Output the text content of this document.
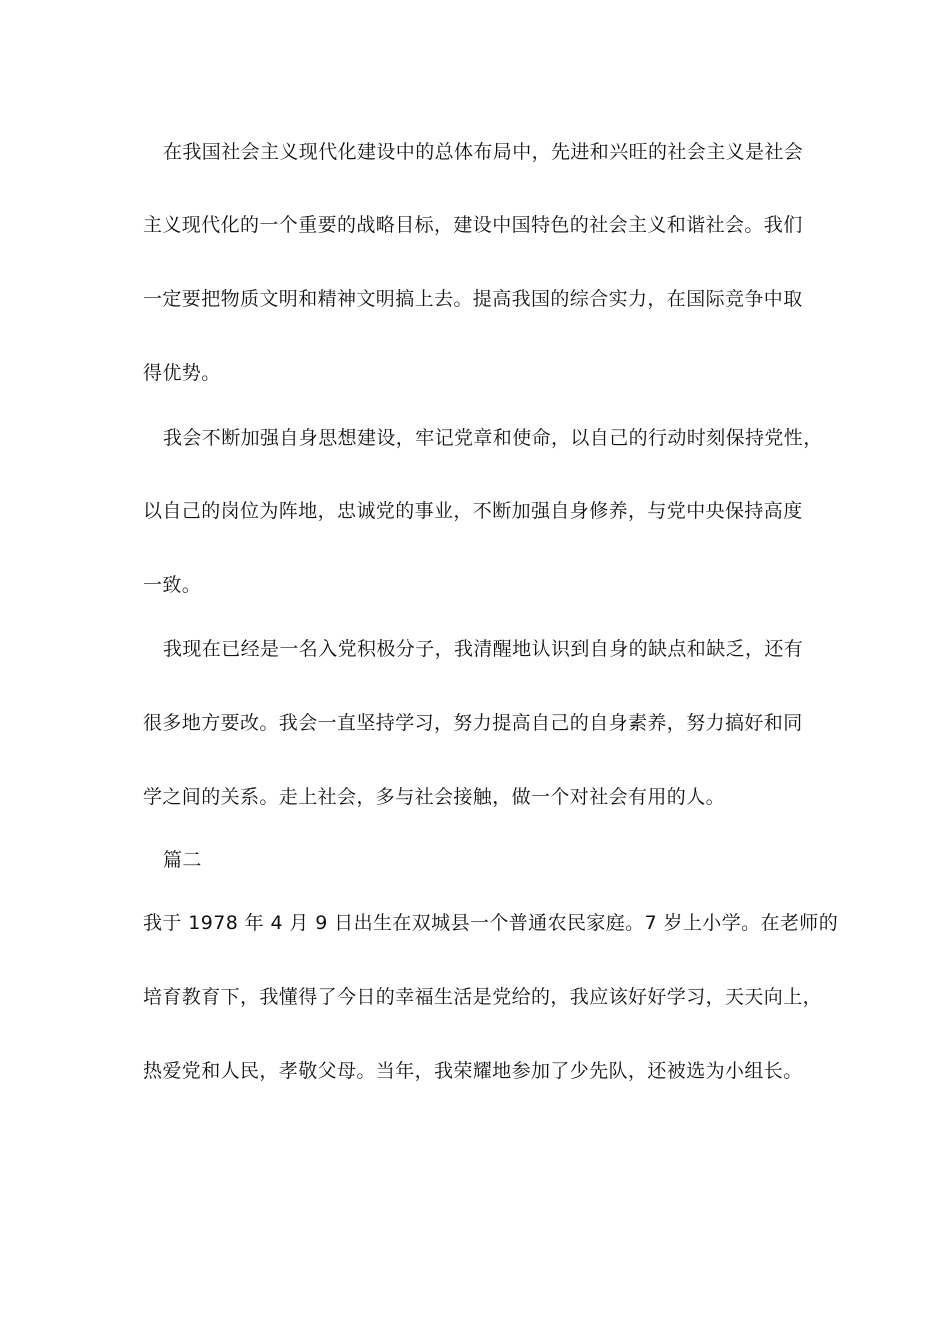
在我国社会主义现代化建设中的总体布局中，先进和兴旺的社会主义是社会
主义现代化的一个重要的战略目标，建设中国特色的社会主义和谐社会。我们
一定要把物质文明和精神文明搞上去。提高我国的综合实力，在国际竞争中取
得优势。
我会不断加强自身思想建设，牢记党章和使命，以自己的行动时刻保持党性，
以自己的岗位为阵地，忠诚党的事业，不断加强自身修养，与党中央保持高度
一致。
我现在已经是一名入党积极分子，我清醒地认识到自身的缺点和缺乏，还有
很多地方要改。我会一直坚持学习，努力提高自己的自身素养，努力搞好和同
学之间的关系。走上社会，多与社会接触，做一个对社会有用的人。
篇二
我于 1978 年 4 月 9 日出生在双城县一个普通农民家庭。7 岁上小学。在老师的
培育教育下，我懂得了今日的幸福生活是党给的，我应该好好学习，天天向上，
热爱党和人民，孝敬父母。当年，我荣耀地参加了少先队，还被选为小组长。
